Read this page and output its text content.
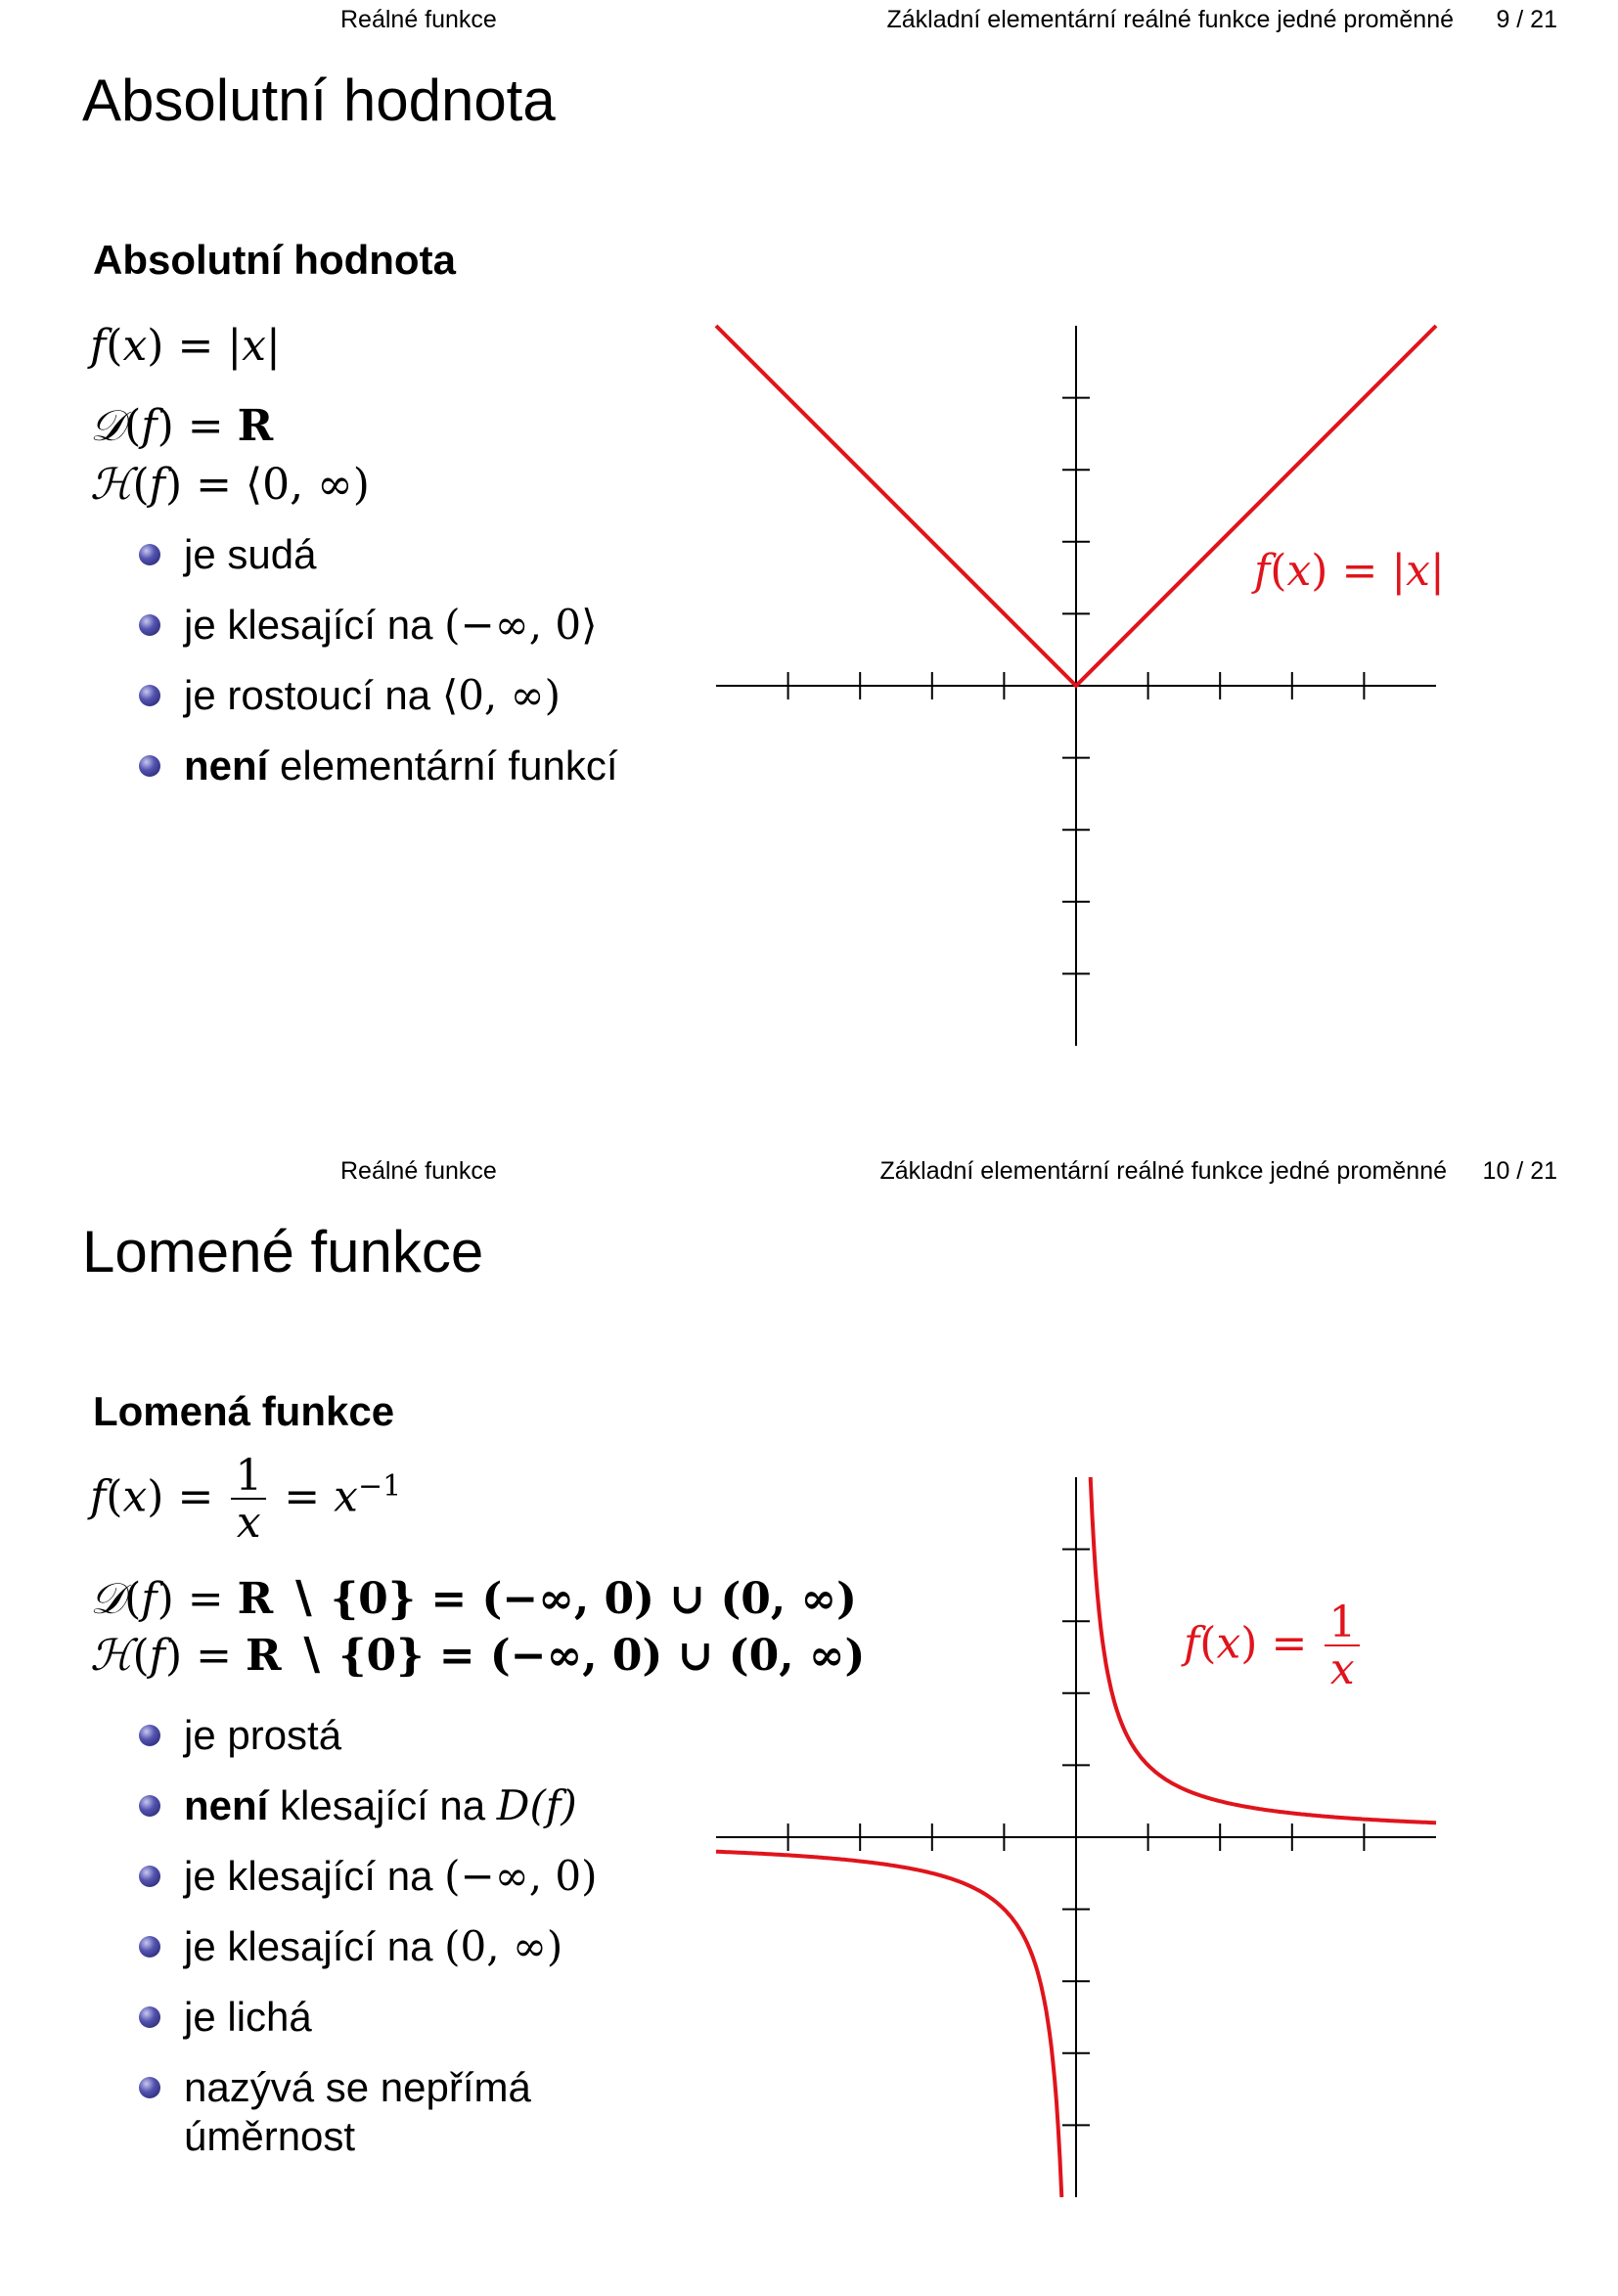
Reálné funkce	Základní elementární reálné funkce jedné proměnné 9 / 21
Absolutní hodnota
Absolutní hodnota
f(x) = |x|
𝒟(f) = R
ℋ(f) = ⟨0, ∞)
je sudá
je klesající na (−∞, 0⟩
je rostoucí na ⟨0, ∞)
není elementární funkcí
f(x) = |x|
Reálné funkce	Základní elementární reálné funkce jedné proměnné 10 / 21
Lomené funkce
Lomená funkce
$f(x) = \frac{1}{x} = x^{-1}$
𝒟(f) = R ∖ {0} = (−∞, 0) ∪ (0, ∞)
ℋ(f) = R ∖ {0} = (−∞, 0) ∪ (0, ∞)
je prostá
není klesající na D(f)
je klesající na (−∞, 0)
je klesající na (0, ∞)
je lichá
nazývá se nepřímá
úměrnost
$f(x) = \frac{1}{x}$
